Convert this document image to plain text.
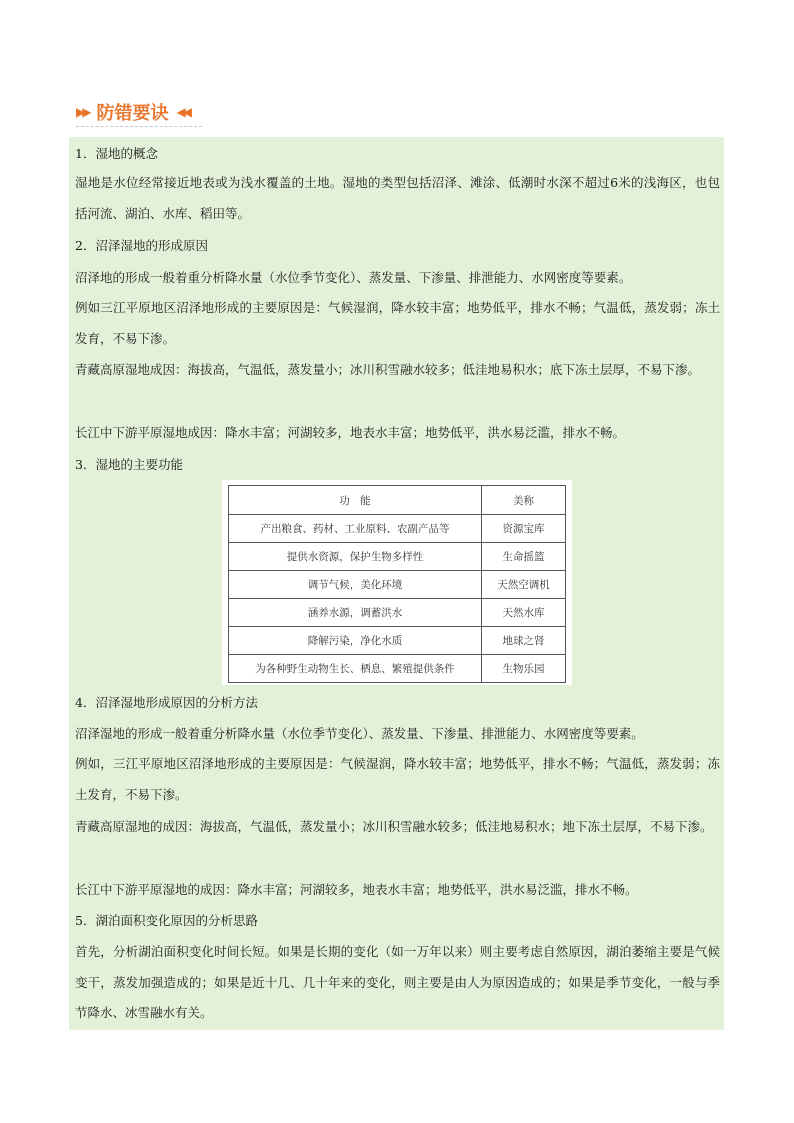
▶▶ 防错要诀 ◀◀

1．湿地的概念

湿地是水位经常接近地表或为浅水覆盖的土地。湿地的类型包括沼泽、滩涂、低潮时水深不超过6米的浅海区，也包括河流、湖泊、水库、稻田等。

2．沼泽湿地的形成原因

沼泽地的形成一般着重分析降水量（水位季节变化）、蒸发量、下渗量、排泄能力、水网密度等要素。

例如三江平原地区沼泽地形成的主要原因是：气候湿润，降水较丰富；地势低平，排水不畅；气温低，蒸发弱；冻土发育，不易下渗。

青藏高原湿地成因：海拔高，气温低，蒸发量小；冰川积雪融水较多；低洼地易积水；底下冻土层厚，不易下渗。

长江中下游平原湿地成因：降水丰富；河湖较多，地表水丰富；地势低平，洪水易泛滥，排水不畅。

3．湿地的主要功能

功　能	美称
产出粮食、药材、工业原料、农副产品等	资源宝库
提供水资源，保护生物多样性	生命摇篮
调节气候，美化环境	天然空调机
涵养水源，调蓄洪水	天然水库
降解污染，净化水质	地球之肾
为各种野生动物生长、栖息、繁殖提供条件	生物乐园

4．沼泽湿地形成原因的分析方法

沼泽湿地的形成一般着重分析降水量（水位季节变化）、蒸发量、下渗量、排泄能力、水网密度等要素。

例如，三江平原地区沼泽地形成的主要原因是：气候湿润，降水较丰富；地势低平，排水不畅；气温低，蒸发弱；冻土发育，不易下渗。

青藏高原湿地的成因：海拔高，气温低，蒸发量小；冰川积雪融水较多；低洼地易积水；地下冻土层厚，不易下渗。

长江中下游平原湿地的成因：降水丰富；河湖较多，地表水丰富；地势低平，洪水易泛滥，排水不畅。

5．湖泊面积变化原因的分析思路

首先，分析湖泊面积变化时间长短。如果是长期的变化（如一万年以来）则主要考虑自然原因，湖泊萎缩主要是气候变干，蒸发加强造成的；如果是近十几、几十年来的变化，则主要是由人为原因造成的；如果是季节变化，一般与季节降水、冰雪融水有关。
